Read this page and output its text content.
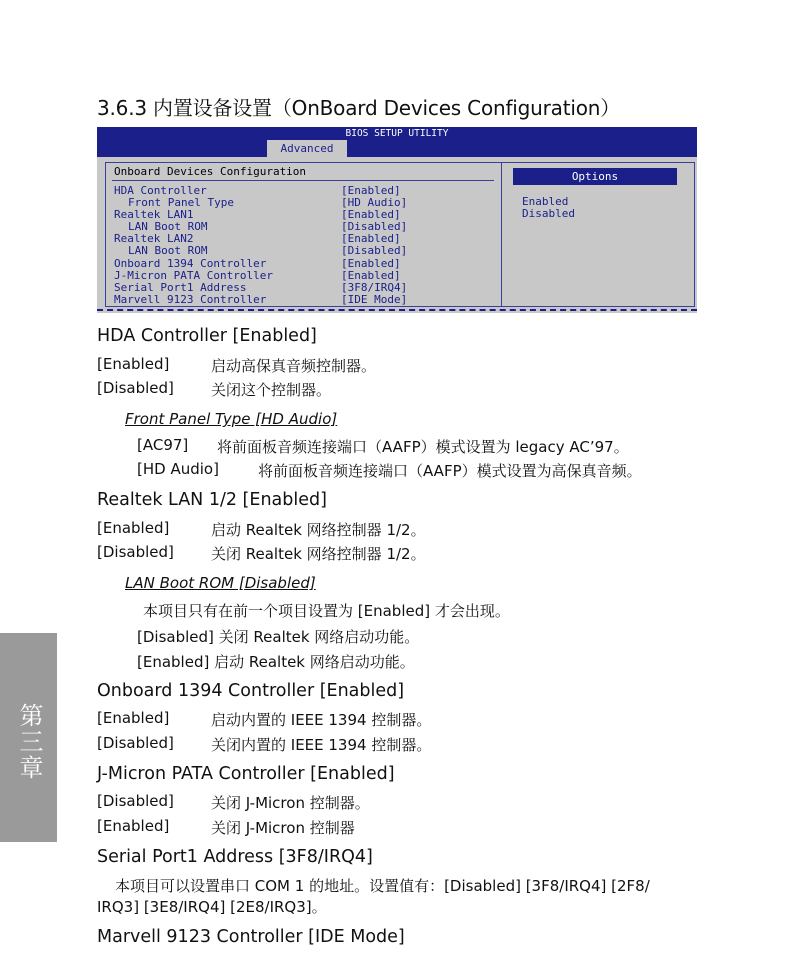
3.6.3 内置设备设置（OnBoard Devices Configuration）
BIOS SETUP UTILITY
Advanced
Onboard Devices Configuration
HDA Controller	[Enabled]
Front Panel Type	[HD Audio]
Realtek LAN1	[Enabled]
LAN Boot ROM	[Disabled]
Realtek LAN2	[Enabled]
LAN Boot ROM	[Disabled]
Onboard 1394 Controller	[Enabled]
J-Micron PATA Controller	[Enabled]
Serial Port1 Address	[3F8/IRQ4]
Marvell 9123 Controller	[IDE Mode]
Options
Enabled
Disabled
HDA Controller [Enabled]
[Enabled]	启动高保真音频控制器。
[Disabled] 关闭这个控制器。
Front Panel Type [HD Audio]
[AC97] 将前面板音频连接端口（AAFP）模式设置为 legacy AC’97。
[HD Audio]	将前面板音频连接端口（AAFP）模式设置为高保真音频。
Realtek LAN 1/2 [Enabled]
[Enabled]	启动 Realtek 网络控制器 1/2。
[Disabled] 关闭 Realtek 网络控制器 1/2。
LAN Boot ROM [Disabled]
本项目只有在前一个项目设置为 [Enabled] 才会出现。
[Disabled] 关闭 Realtek 网络启动功能。
[Enabled] 启动 Realtek 网络启动功能。
Onboard 1394 Controller [Enabled]
[Enabled]	启动内置的 IEEE 1394 控制器。
[Disabled] 关闭内置的 IEEE 1394 控制器。
J-Micron PATA Controller [Enabled]
[Disabled] 关闭 J-Micron 控制器。
[Enabled]	关闭 J-Micron 控制器
Serial Port1 Address [3F8/IRQ4]
本项目可以设置串口 COM 1 的地址。设置值有：[Disabled] [3F8/IRQ4] [2F8/
IRQ3] [3E8/IRQ4] [2E8/IRQ3]。
Marvell 9123 Controller [IDE Mode]
第三章
